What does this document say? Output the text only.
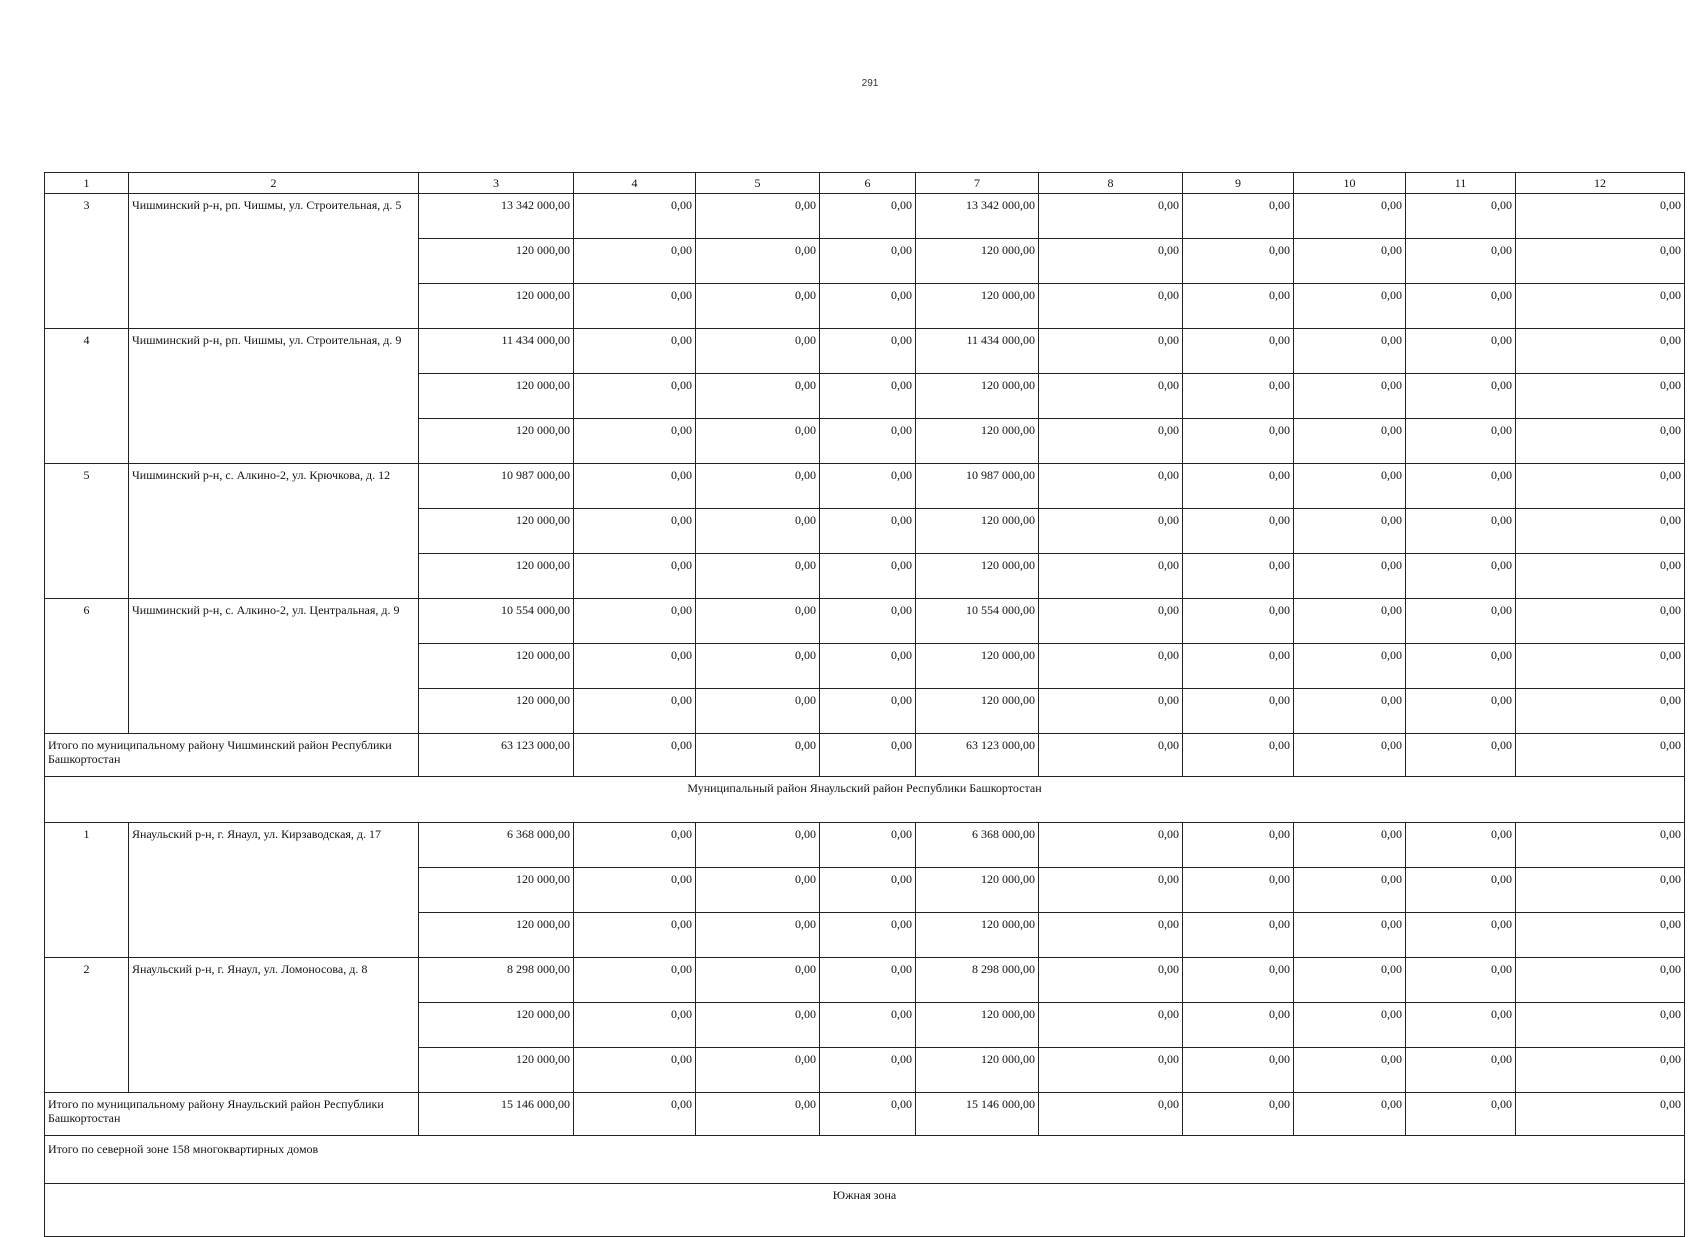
291
1	2	3	4	5	6	7	8	9	10	11	12
3	Чишминский р-н, рп. Чишмы, ул. Строительная, д. 5	13 342 000,00	0,00	0,00	0,00	13 342 000,00	0,00	0,00	0,00	0,00	0,00
		120 000,00	0,00	0,00	0,00	120 000,00	0,00	0,00	0,00	0,00	0,00
		120 000,00	0,00	0,00	0,00	120 000,00	0,00	0,00	0,00	0,00	0,00
4	Чишминский р-н, рп. Чишмы, ул. Строительная, д. 9	11 434 000,00	0,00	0,00	0,00	11 434 000,00	0,00	0,00	0,00	0,00	0,00
		120 000,00	0,00	0,00	0,00	120 000,00	0,00	0,00	0,00	0,00	0,00
		120 000,00	0,00	0,00	0,00	120 000,00	0,00	0,00	0,00	0,00	0,00
5	Чишминский р-н, с. Алкино-2, ул. Крючкова, д. 12	10 987 000,00	0,00	0,00	0,00	10 987 000,00	0,00	0,00	0,00	0,00	0,00
		120 000,00	0,00	0,00	0,00	120 000,00	0,00	0,00	0,00	0,00	0,00
		120 000,00	0,00	0,00	0,00	120 000,00	0,00	0,00	0,00	0,00	0,00
6	Чишминский р-н, с. Алкино-2, ул. Центральная, д. 9	10 554 000,00	0,00	0,00	0,00	10 554 000,00	0,00	0,00	0,00	0,00	0,00
		120 000,00	0,00	0,00	0,00	120 000,00	0,00	0,00	0,00	0,00	0,00
		120 000,00	0,00	0,00	0,00	120 000,00	0,00	0,00	0,00	0,00	0,00
Итого по муниципальному району Чишминский район Республики Башкортостан		63 123 000,00	0,00	0,00	0,00	63 123 000,00	0,00	0,00	0,00	0,00	0,00
Муниципальный район Янаульский район Республики Башкортостан											
1	Янаульский р-н, г. Янаул, ул. Кирзаводская, д. 17	6 368 000,00	0,00	0,00	0,00	6 368 000,00	0,00	0,00	0,00	0,00	0,00
		120 000,00	0,00	0,00	0,00	120 000,00	0,00	0,00	0,00	0,00	0,00
		120 000,00	0,00	0,00	0,00	120 000,00	0,00	0,00	0,00	0,00	0,00
2	Янаульский р-н, г. Янаул, ул. Ломоносова, д. 8	8 298 000,00	0,00	0,00	0,00	8 298 000,00	0,00	0,00	0,00	0,00	0,00
		120 000,00	0,00	0,00	0,00	120 000,00	0,00	0,00	0,00	0,00	0,00
		120 000,00	0,00	0,00	0,00	120 000,00	0,00	0,00	0,00	0,00	0,00
Итого по муниципальному району Янаульский район Республики Башкортостан		15 146 000,00	0,00	0,00	0,00	15 146 000,00	0,00	0,00	0,00	0,00	0,00
Итого по северной зоне 158 многоквартирных домов											
Южная зона											
